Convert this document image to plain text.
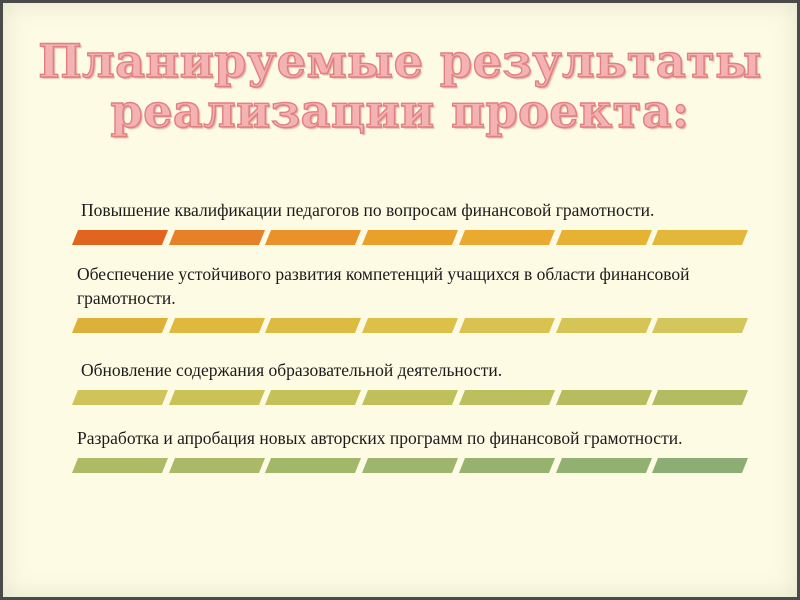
Планируемые результаты
реализации проекта:
Повышение квалификации педагогов по вопросам финансовой грамотности.
Обеспечение устойчивого развития компетенций учащихся в области финансовой грамотности.
Обновление содержания образовательной деятельности.
Разработка и апробация новых авторских программ по финансовой грамотности.
